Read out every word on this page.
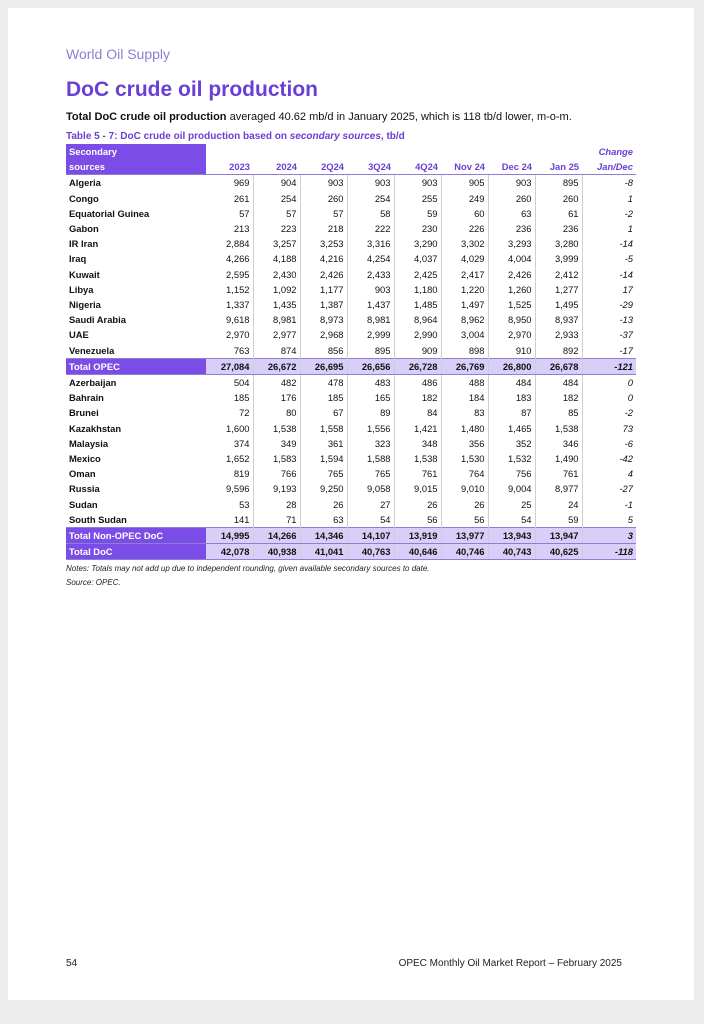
World Oil Supply
DoC crude oil production
Total DoC crude oil production averaged 40.62 mb/d in January 2025, which is 118 tb/d lower, m-o-m.
Table 5 - 7: DoC crude oil production based on secondary sources, tb/d
Secondary									Change
sources	2023	2024	2Q24	3Q24	4Q24	Nov 24	Dec 24	Jan 25	Jan/Dec
Algeria	969	904	903	903	903	905	903	895	-8
Congo	261	254	260	254	255	249	260	260	1
Equatorial Guinea	57	57	57	58	59	60	63	61	-2
Gabon	213	223	218	222	230	226	236	236	1
IR Iran	2,884	3,257	3,253	3,316	3,290	3,302	3,293	3,280	-14
Iraq	4,266	4,188	4,216	4,254	4,037	4,029	4,004	3,999	-5
Kuwait	2,595	2,430	2,426	2,433	2,425	2,417	2,426	2,412	-14
Libya	1,152	1,092	1,177	903	1,180	1,220	1,260	1,277	17
Nigeria	1,337	1,435	1,387	1,437	1,485	1,497	1,525	1,495	-29
Saudi Arabia	9,618	8,981	8,973	8,981	8,964	8,962	8,950	8,937	-13
UAE	2,970	2,977	2,968	2,999	2,990	3,004	2,970	2,933	-37
Venezuela	763	874	856	895	909	898	910	892	-17
Total OPEC	27,084	26,672	26,695	26,656	26,728	26,769	26,800	26,678	-121
Azerbaijan	504	482	478	483	486	488	484	484	0
Bahrain	185	176	185	165	182	184	183	182	0
Brunei	72	80	67	89	84	83	87	85	-2
Kazakhstan	1,600	1,538	1,558	1,556	1,421	1,480	1,465	1,538	73
Malaysia	374	349	361	323	348	356	352	346	-6
Mexico	1,652	1,583	1,594	1,588	1,538	1,530	1,532	1,490	-42
Oman	819	766	765	765	761	764	756	761	4
Russia	9,596	9,193	9,250	9,058	9,015	9,010	9,004	8,977	-27
Sudan	53	28	26	27	26	26	25	24	-1
South Sudan	141	71	63	54	56	56	54	59	5
Total Non-OPEC DoC	14,995	14,266	14,346	14,107	13,919	13,977	13,943	13,947	3
Total DoC	42,078	40,938	41,041	40,763	40,646	40,746	40,743	40,625	-118
Notes: Totals may not add up due to independent rounding, given available secondary sources to date.
Source: OPEC.
54	OPEC Monthly Oil Market Report – February 2025
